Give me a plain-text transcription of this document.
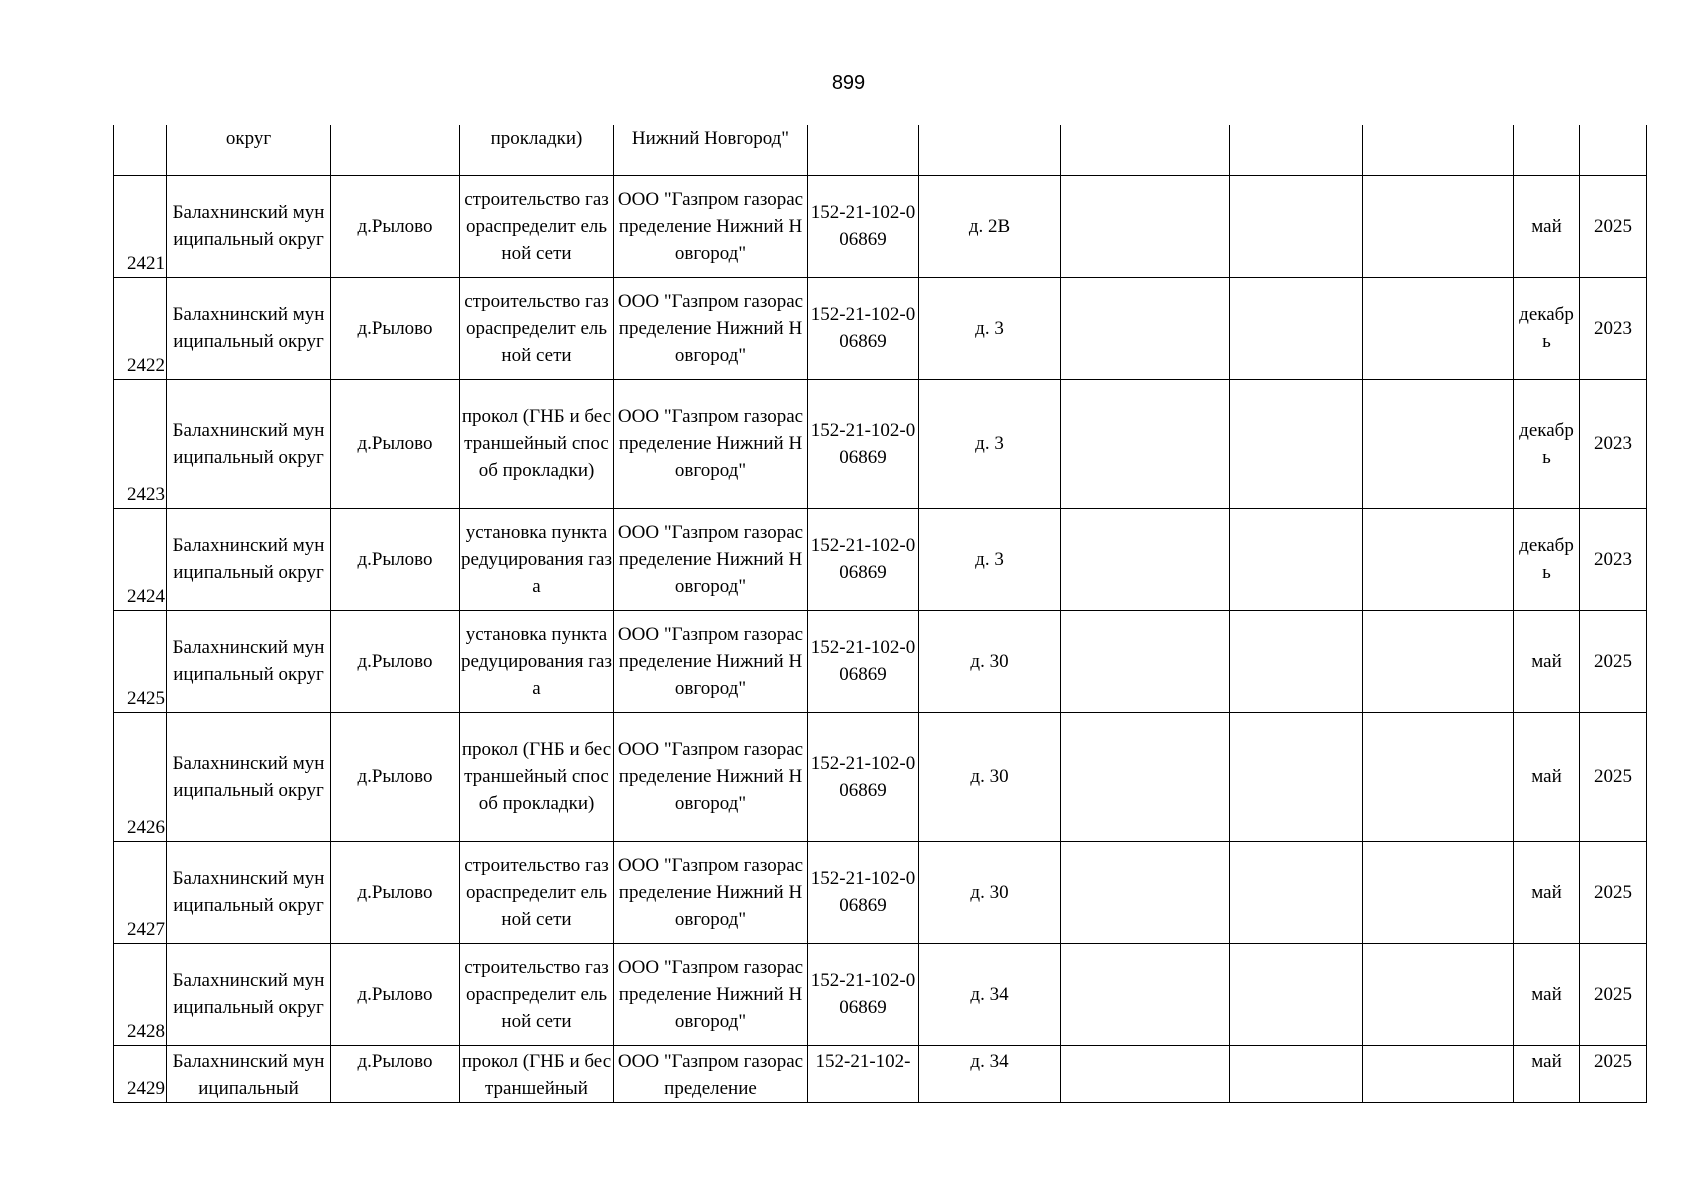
899
	округ		прокладки)	Нижний Новгород"							
2421	Балахнинский муниципальный округ	д.Рылово	строительство газораспределит ельной сети	ООО "Газпром газораспределение Нижний Новгород"	152-21-102-006869	д. 2В				май	2025
2422	Балахнинский муниципальный округ	д.Рылово	строительство газораспределит ельной сети	ООО "Газпром газораспределение Нижний Новгород"	152-21-102-006869	д. 3				декабрь	2023
2423	Балахнинский муниципальный округ	д.Рылово	прокол (ГНБ и бестраншейный способ прокладки)	ООО "Газпром газораспределение Нижний Новгород"	152-21-102-006869	д. 3				декабрь	2023
2424	Балахнинский муниципальный округ	д.Рылово	установка пункта редуцирования газа	ООО "Газпром газораспределение Нижний Новгород"	152-21-102-006869	д. 3				декабрь	2023
2425	Балахнинский муниципальный округ	д.Рылово	установка пункта редуцирования газа	ООО "Газпром газораспределение Нижний Новгород"	152-21-102-006869	д. 30				май	2025
2426	Балахнинский муниципальный округ	д.Рылово	прокол (ГНБ и бестраншейный способ прокладки)	ООО "Газпром газораспределение Нижний Новгород"	152-21-102-006869	д. 30				май	2025
2427	Балахнинский муниципальный округ	д.Рылово	строительство газораспределит ельной сети	ООО "Газпром газораспределение Нижний Новгород"	152-21-102-006869	д. 30				май	2025
2428	Балахнинский муниципальный округ	д.Рылово	строительство газораспределит ельной сети	ООО "Газпром газораспределение Нижний Новгород"	152-21-102-006869	д. 34				май	2025
2429	Балахнинский муниципальный	д.Рылово	прокол (ГНБ и бестраншейный	ООО "Газпром газораспределение	152-21-102-	д. 34				май	2025
